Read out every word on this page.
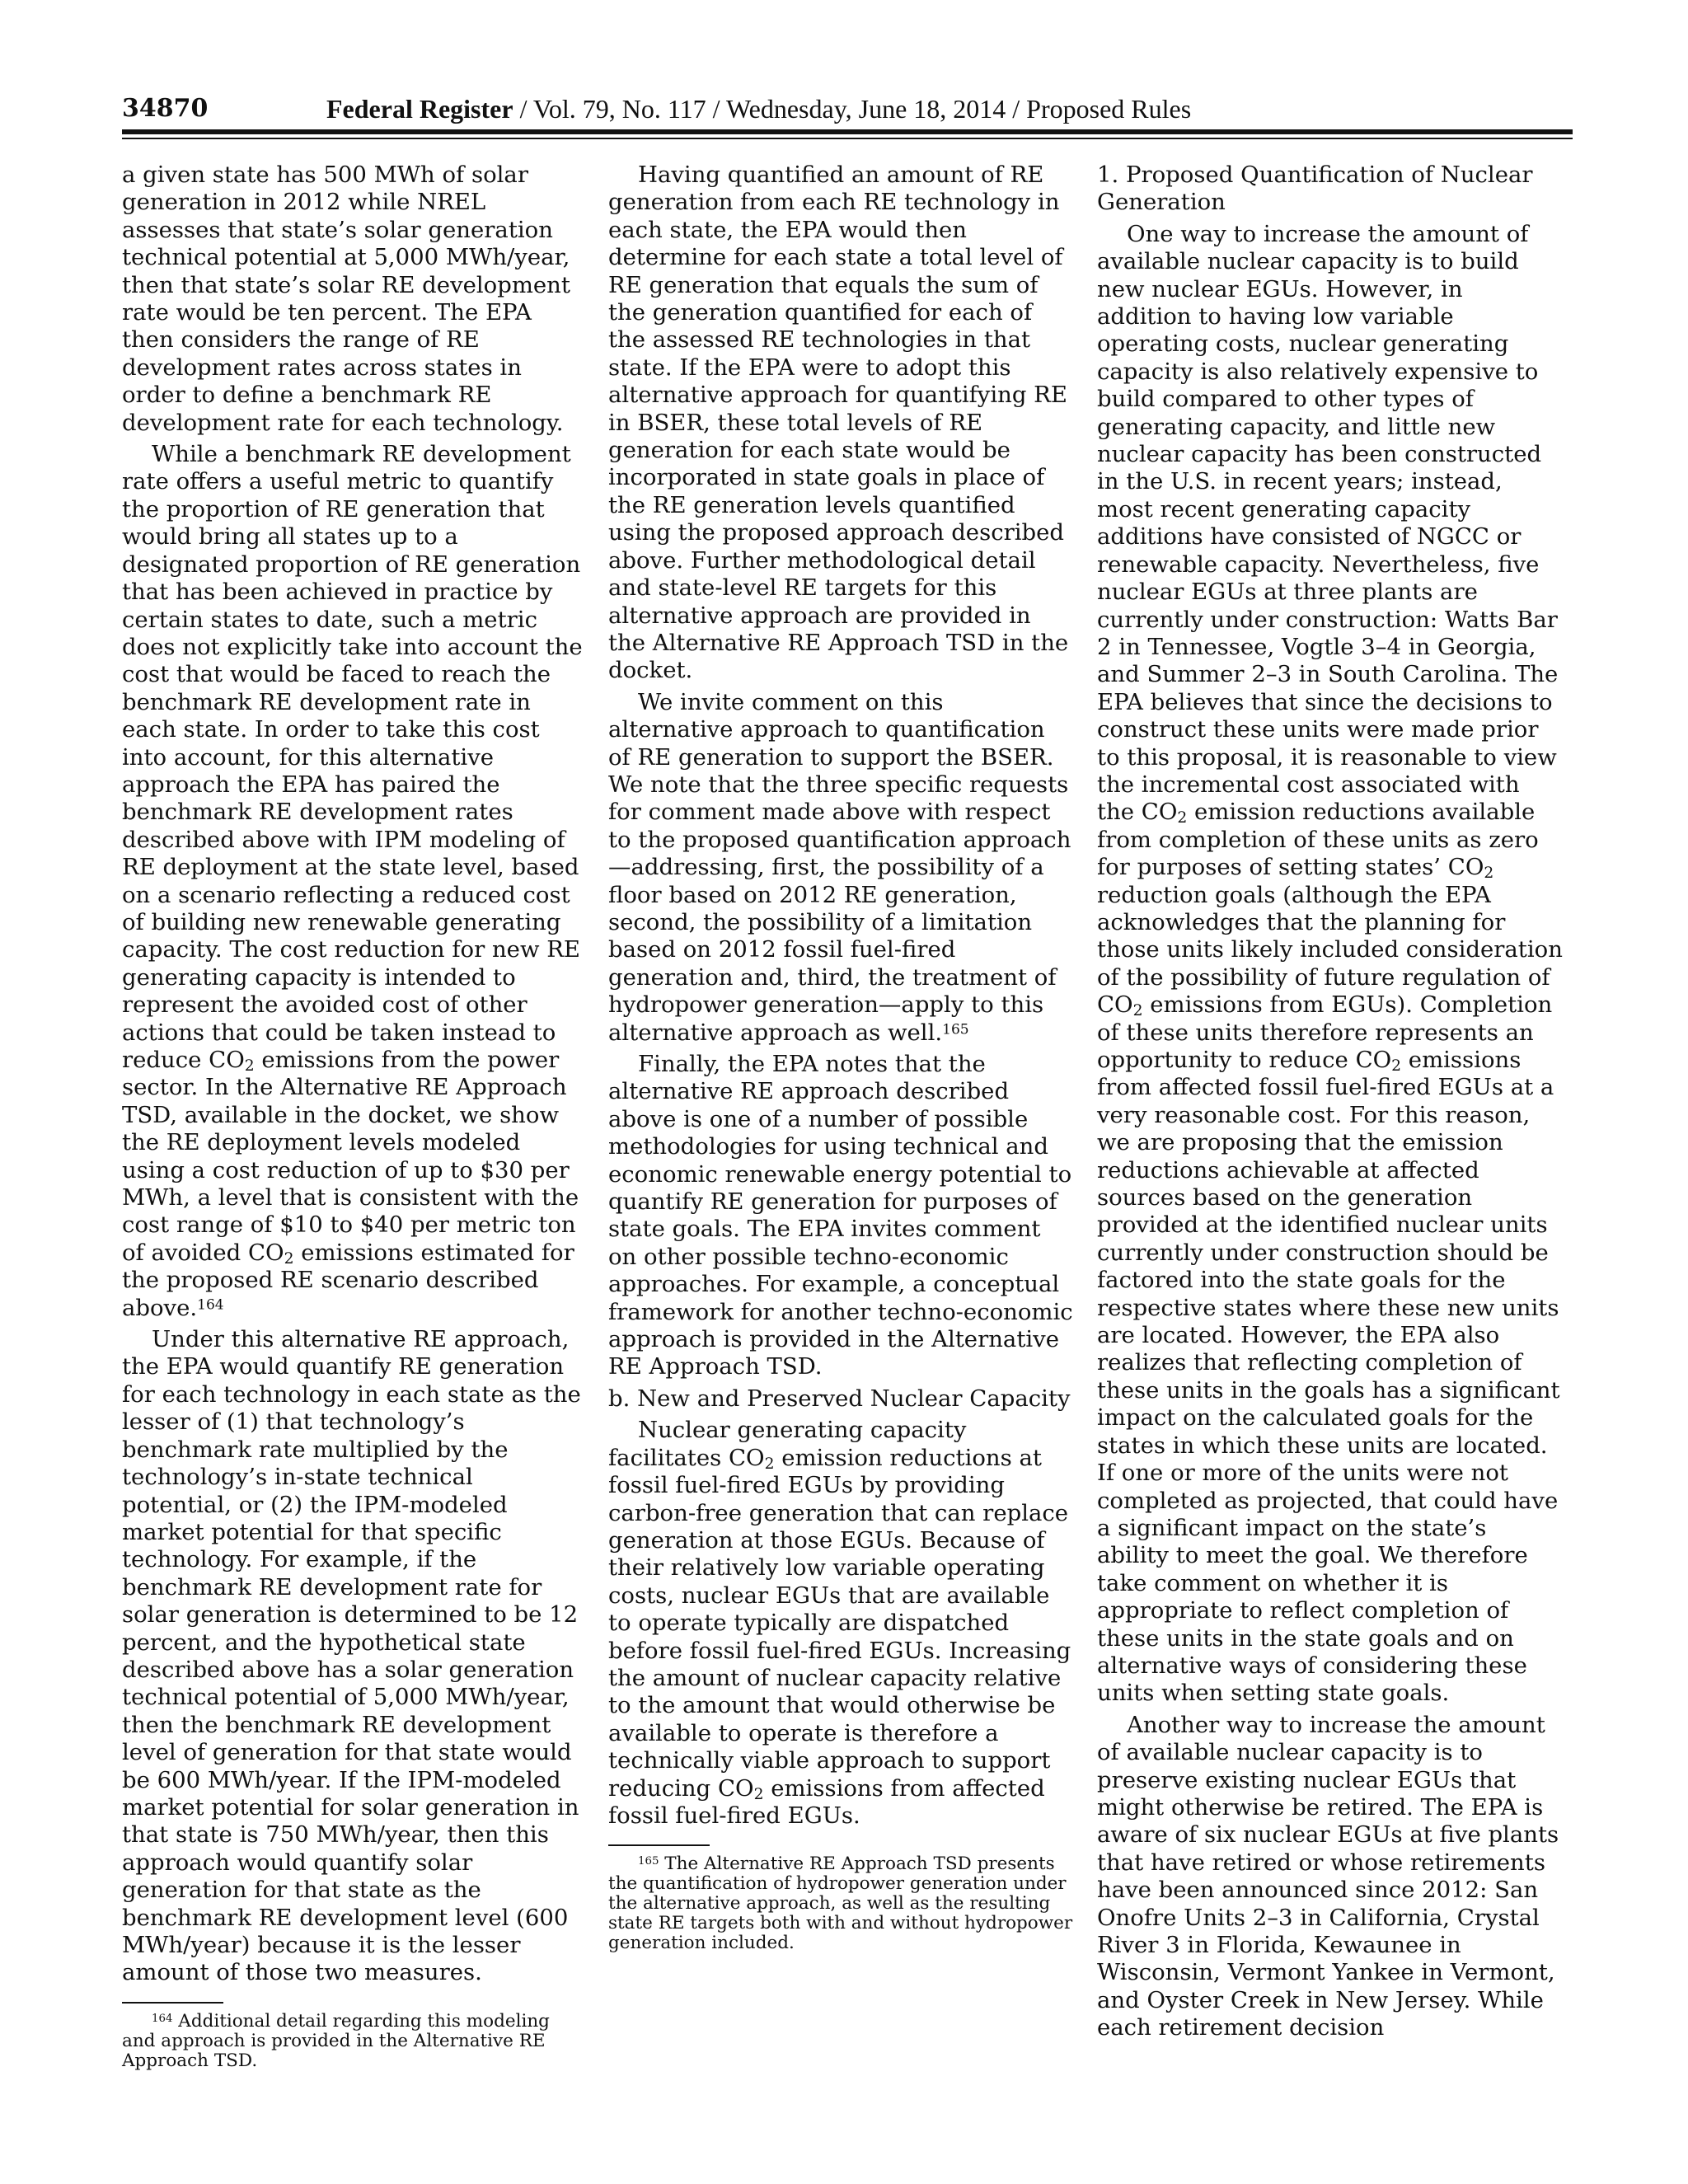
34870	Federal Register / Vol. 79, No. 117 / Wednesday, June 18, 2014 / Proposed Rules

a given state has 500 MWh of solar generation in 2012 while NREL assesses that state’s solar generation technical potential at 5,000 MWh/year, then that state’s solar RE development rate would be ten percent. The EPA then considers the range of RE development rates across states in order to define a benchmark RE development rate for each technology.

While a benchmark RE development rate offers a useful metric to quantify the proportion of RE generation that would bring all states up to a designated proportion of RE generation that has been achieved in practice by certain states to date, such a metric does not explicitly take into account the cost that would be faced to reach the benchmark RE development rate in each state. In order to take this cost into account, for this alternative approach the EPA has paired the benchmark RE development rates described above with IPM modeling of RE deployment at the state level, based on a scenario reflecting a reduced cost of building new renewable generating capacity. The cost reduction for new RE generating capacity is intended to represent the avoided cost of other actions that could be taken instead to reduce $CO_2$ emissions from the power sector. In the Alternative RE Approach TSD, available in the docket, we show the RE deployment levels modeled using a cost reduction of up to $30 per MWh, a level that is consistent with the cost range of $10 to $40 per metric ton of avoided $CO_2$ emissions estimated for the proposed RE scenario described above.$^{164}$

Under this alternative RE approach, the EPA would quantify RE generation for each technology in each state as the lesser of (1) that technology’s benchmark rate multiplied by the technology’s in-state technical potential, or (2) the IPM-modeled market potential for that specific technology. For example, if the benchmark RE development rate for solar generation is determined to be 12 percent, and the hypothetical state described above has a solar generation technical potential of 5,000 MWh/year, then the benchmark RE development level of generation for that state would be 600 MWh/year. If the IPM-modeled market potential for solar generation in that state is 750 MWh/year, then this approach would quantify solar generation for that state as the benchmark RE development level (600 MWh/year) because it is the lesser amount of those two measures.

$^{164}$ Additional detail regarding this modeling and approach is provided in the Alternative RE Approach TSD.

Having quantified an amount of RE generation from each RE technology in each state, the EPA would then determine for each state a total level of RE generation that equals the sum of the generation quantified for each of the assessed RE technologies in that state. If the EPA were to adopt this alternative approach for quantifying RE in BSER, these total levels of RE generation for each state would be incorporated in state goals in place of the RE generation levels quantified using the proposed approach described above. Further methodological detail and state-level RE targets for this alternative approach are provided in the Alternative RE Approach TSD in the docket.

We invite comment on this alternative approach to quantification of RE generation to support the BSER. We note that the three specific requests for comment made above with respect to the proposed quantification approach—addressing, first, the possibility of a floor based on 2012 RE generation, second, the possibility of a limitation based on 2012 fossil fuel-fired generation and, third, the treatment of hydropower generation—apply to this alternative approach as well.$^{165}$

Finally, the EPA notes that the alternative RE approach described above is one of a number of possible methodologies for using technical and economic renewable energy potential to quantify RE generation for purposes of state goals. The EPA invites comment on other possible techno-economic approaches. For example, a conceptual framework for another techno-economic approach is provided in the Alternative RE Approach TSD.

b. New and Preserved Nuclear Capacity

Nuclear generating capacity facilitates $CO_2$ emission reductions at fossil fuel-fired EGUs by providing carbon-free generation that can replace generation at those EGUs. Because of their relatively low variable operating costs, nuclear EGUs that are available to operate typically are dispatched before fossil fuel-fired EGUs. Increasing the amount of nuclear capacity relative to the amount that would otherwise be available to operate is therefore a technically viable approach to support reducing $CO_2$ emissions from affected fossil fuel-fired EGUs.

$^{165}$ The Alternative RE Approach TSD presents the quantification of hydropower generation under the alternative approach, as well as the resulting state RE targets both with and without hydropower generation included.

1. Proposed Quantification of Nuclear Generation

One way to increase the amount of available nuclear capacity is to build new nuclear EGUs. However, in addition to having low variable operating costs, nuclear generating capacity is also relatively expensive to build compared to other types of generating capacity, and little new nuclear capacity has been constructed in the U.S. in recent years; instead, most recent generating capacity additions have consisted of NGCC or renewable capacity. Nevertheless, five nuclear EGUs at three plants are currently under construction: Watts Bar 2 in Tennessee, Vogtle 3–4 in Georgia, and Summer 2–3 in South Carolina. The EPA believes that since the decisions to construct these units were made prior to this proposal, it is reasonable to view the incremental cost associated with the $CO_2$ emission reductions available from completion of these units as zero for purposes of setting states’ $CO_2$ reduction goals (although the EPA acknowledges that the planning for those units likely included consideration of the possibility of future regulation of $CO_2$ emissions from EGUs). Completion of these units therefore represents an opportunity to reduce $CO_2$ emissions from affected fossil fuel-fired EGUs at a very reasonable cost. For this reason, we are proposing that the emission reductions achievable at affected sources based on the generation provided at the identified nuclear units currently under construction should be factored into the state goals for the respective states where these new units are located. However, the EPA also realizes that reflecting completion of these units in the goals has a significant impact on the calculated goals for the states in which these units are located. If one or more of the units were not completed as projected, that could have a significant impact on the state’s ability to meet the goal. We therefore take comment on whether it is appropriate to reflect completion of these units in the state goals and on alternative ways of considering these units when setting state goals.

Another way to increase the amount of available nuclear capacity is to preserve existing nuclear EGUs that might otherwise be retired. The EPA is aware of six nuclear EGUs at five plants that have retired or whose retirements have been announced since 2012: San Onofre Units 2–3 in California, Crystal River 3 in Florida, Kewaunee in Wisconsin, Vermont Yankee in Vermont, and Oyster Creek in New Jersey. While each retirement decision
